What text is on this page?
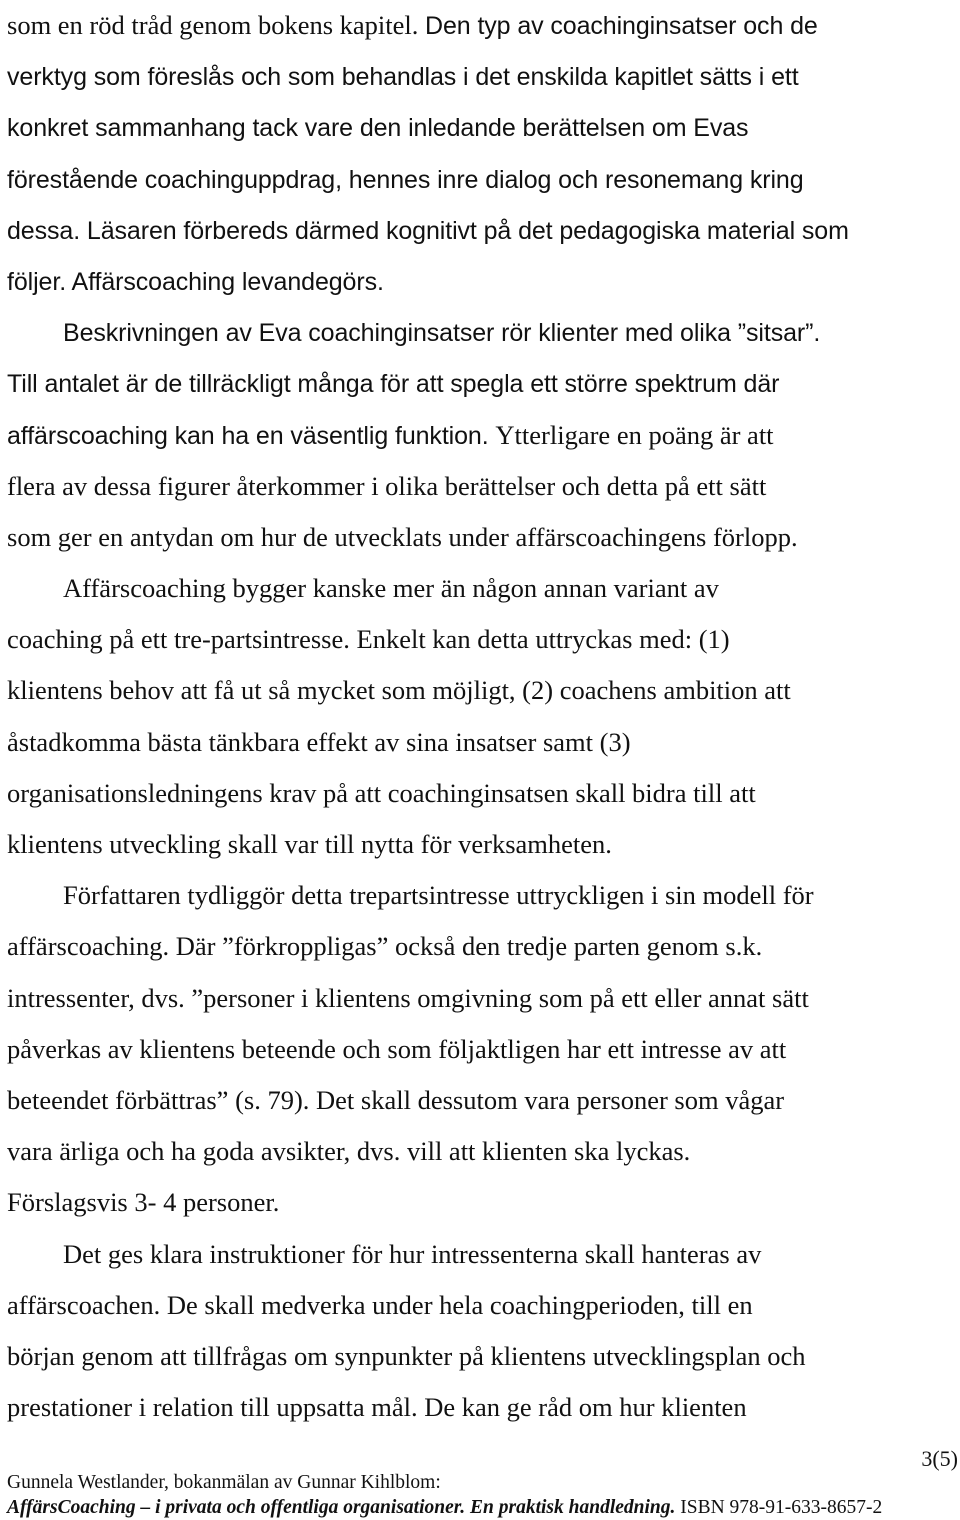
som en röd tråd genom bokens kapitel. Den typ av coachinginsatser och de
verktyg som föreslås och som behandlas i det enskilda kapitlet sätts i ett
konkret sammanhang tack vare den inledande berättelsen om Evas
förestående coachinguppdrag, hennes inre dialog och resonemang kring
dessa. Läsaren förbereds därmed kognitivt på det pedagogiska material som
följer. Affärscoaching levandegörs.
Beskrivningen av Eva coachinginsatser rör klienter med olika ”sitsar”.
Till antalet är de tillräckligt många för att spegla ett större spektrum där
affärscoaching kan ha en väsentlig funktion. Ytterligare en poäng är att
flera av dessa figurer återkommer i olika berättelser och detta på ett sätt
som ger en antydan om hur de utvecklats under affärscoachingens förlopp.
Affärscoaching bygger kanske mer än någon annan variant av
coaching på ett tre-partsintresse. Enkelt kan detta uttryckas med: (1)
klientens behov att få ut så mycket som möjligt, (2) coachens ambition att
åstadkomma bästa tänkbara effekt av sina insatser samt (3)
organisationsledningens krav på att coachinginsatsen skall bidra till att
klientens utveckling skall var till nytta för verksamheten.
Författaren tydliggör detta trepartsintresse uttryckligen i sin modell för
affärscoaching. Där ”förkroppligas” också den tredje parten genom s.k.
intressenter, dvs. ”personer i klientens omgivning som på ett eller annat sätt
påverkas av klientens beteende och som följaktligen har ett intresse av att
beteendet förbättras” (s. 79). Det skall dessutom vara personer som vågar
vara ärliga och ha goda avsikter, dvs. vill att klienten ska lyckas.
Förslagsvis 3- 4 personer.
Det ges klara instruktioner för hur intressenterna skall hanteras av
affärscoachen. De skall medverka under hela coachingperioden, till en
början genom att tillfrågas om synpunkter på klientens utvecklingsplan och
prestationer i relation till uppsatta mål. De kan ge råd om hur klienten
3(5)
Gunnela Westlander, bokanmälan av Gunnar Kihlblom:
AffärsCoaching – i privata och offentliga organisationer. En praktisk handledning. ISBN 978-91-633-8657-2
